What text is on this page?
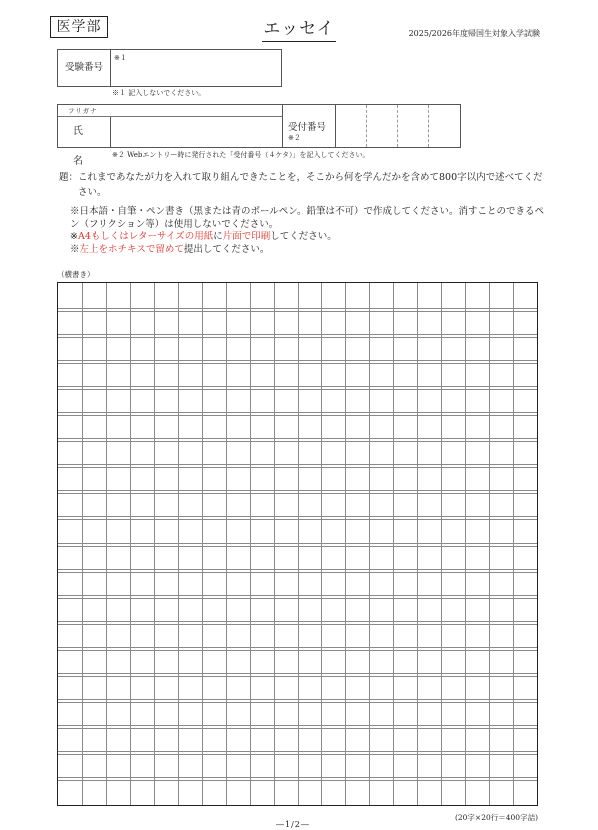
医学部	エッセイ	2025/2026年度帰国生対象入学試験
受験番号
※１
※１ 記入しないでください。
フリガナ
氏　名
受付番号
※２
※２ Webエントリー時に発行された「受付番号（４ケタ）」を記入してください。
題： これまであなたが力を入れて取り組んできたことを，そこから何を学んだかを含めて800字以内で述べてください。
※日本語・自筆・ペン書き（黒または青のボールペン。鉛筆は不可）で作成してください。消すことのできるペン（フリクション等）は使用しないでください。
※A4もしくはレターサイズの用紙に片面で印刷してください。
※左上をホチキスで留めて提出してください。
（横書き）
(20字×20行＝400字詰)
―1/2―
